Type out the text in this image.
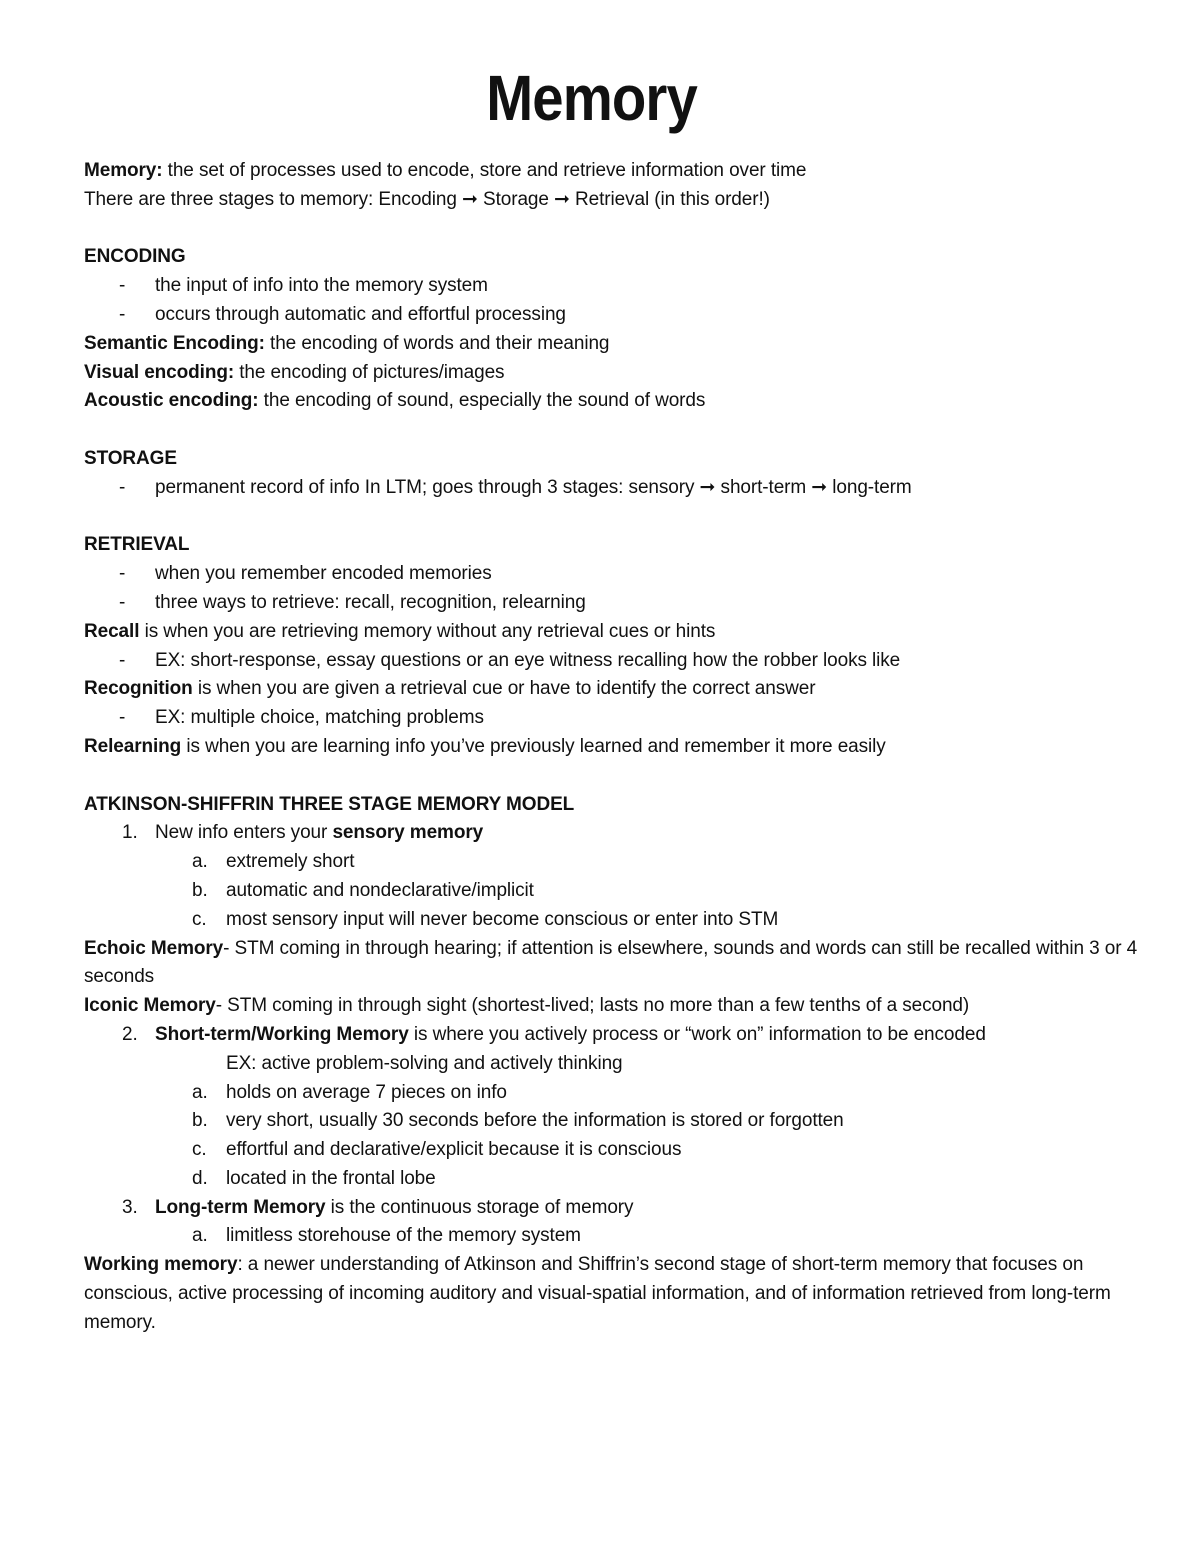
Memory

Memory: the set of processes used to encode, store and retrieve information over time

There are three stages to memory: Encoding ➞ Storage ➞ Retrieval (in this order!)

ENCODING

- the input of info into the memory system

- occurs through automatic and effortful processing

Semantic Encoding: the encoding of words and their meaning

Visual encoding: the encoding of pictures/images

Acoustic encoding: the encoding of sound, especially the sound of words

STORAGE

- permanent record of info In LTM; goes through 3 stages: sensory ➞ short-term ➞ long-term

RETRIEVAL

- when you remember encoded memories

- three ways to retrieve: recall, recognition, relearning

Recall is when you are retrieving memory without any retrieval cues or hints

- EX: short-response, essay questions or an eye witness recalling how the robber looks like

Recognition is when you are given a retrieval cue or have to identify the correct answer

- EX: multiple choice, matching problems

Relearning is when you are learning info you’ve previously learned and remember it more easily

ATKINSON-SHIFFRIN THREE STAGE MEMORY MODEL

1. New info enters your sensory memory

a. extremely short

b. automatic and nondeclarative/implicit

c. most sensory input will never become conscious or enter into STM

Echoic Memory- STM coming in through hearing; if attention is elsewhere, sounds and words can still be recalled within 3 or 4 seconds

Iconic Memory- STM coming in through sight (shortest-lived; lasts no more than a few tenths of a second)

2. Short-term/Working Memory is where you actively process or “work on” information to be encoded

EX: active problem-solving and actively thinking

a. holds on average 7 pieces on info

b. very short, usually 30 seconds before the information is stored or forgotten

c. effortful and declarative/explicit because it is conscious

d. located in the frontal lobe

3. Long-term Memory is the continuous storage of memory

a. limitless storehouse of the memory system

Working memory: a newer understanding of Atkinson and Shiffrin’s second stage of short-term memory that focuses on conscious, active processing of incoming auditory and visual-spatial information, and of information retrieved from long-term memory.
